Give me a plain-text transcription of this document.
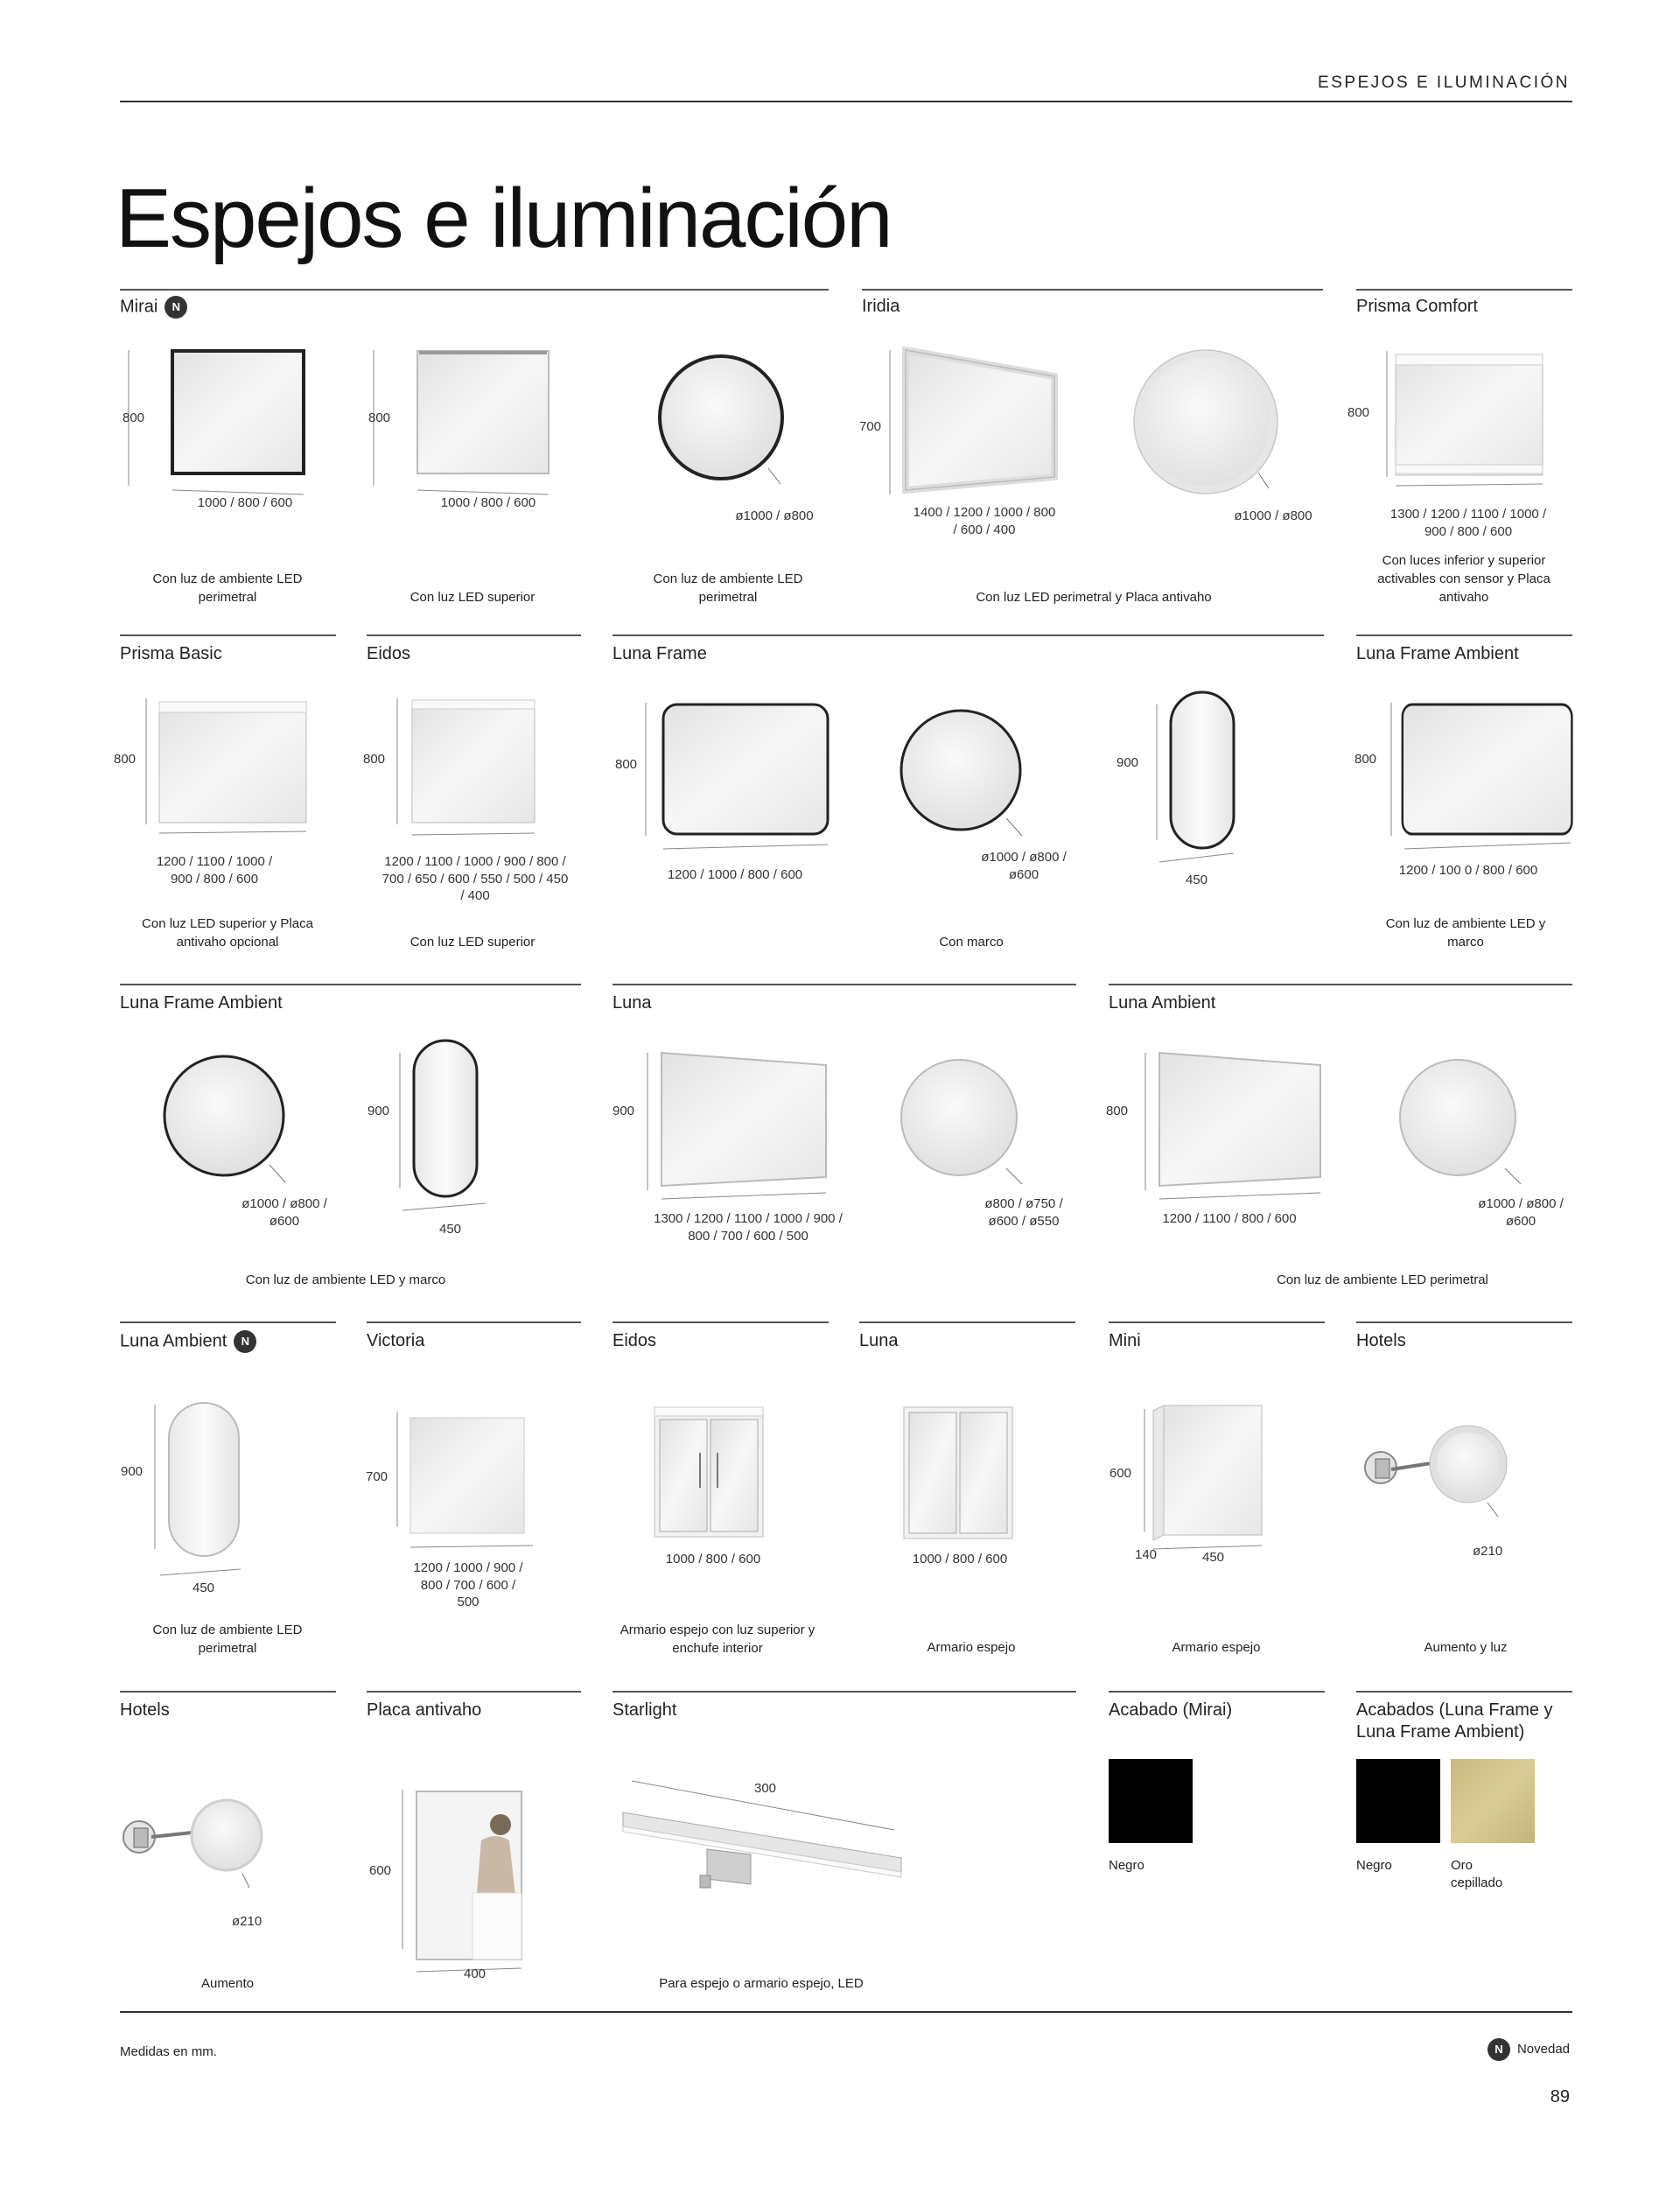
ESPEJOS E ILUMINACIÓN
Espejos e iluminación
Mirai N
800
1000 / 800 / 600
800
1000 / 800 / 600
ø1000 / ø800
Con luz de ambiente LED perimetral	Con luz LED superior
Con luz de ambiente LED perimetral
Iridia
700
1400 / 1200 / 1000 / 800 / 600 / 400
ø1000 / ø800
Con luz LED perimetral y Placa antivaho
Prisma Comfort
800
1300 / 1200 / 1100 / 1000 / 900 / 800 / 600
Con luces inferior y superior activables con sensor y Placa antivaho
Prisma Basic
800
1200 / 1100 / 1000 / 900 / 800 / 600
Con luz LED superior y Placa antivaho opcional
Eidos
800
1200 / 1100 / 1000 / 900 / 800 / 700 / 650 / 600 / 550 / 500 / 450 / 400
Con luz LED superior
Luna Frame
800
1200 / 1000 / 800 / 600
ø1000 / ø800 / ø600
900
450
Con marco
Luna Frame Ambient
800
1200 / 100 0 / 800 / 600
Con luz de ambiente LED y marco
Luna Frame Ambient
ø1000 / ø800 / ø600
900
450
Con luz de ambiente LED y marco
Luna
900
1300 / 1200 / 1100 / 1000 / 900 / 800 / 700 / 600 / 500
ø800 / ø750 / ø600 / ø550
Luna Ambient
800
1200 / 1100 / 800 / 600
ø1000 / ø800 / ø600
Con luz de ambiente LED perimetral
Luna Ambient N
900
450
Con luz de ambiente LED perimetral
Victoria
700
1200 / 1000 / 900 / 800 / 700 / 600 / 500
Eidos
1000 / 800 / 600
Armario espejo con luz superior y enchufe interior
Luna
1000 / 800 / 600
Armario espejo
Mini
600
140	450
Armario espejo
Hotels
ø210
Aumento y luz
Hotels
ø210
Aumento
Placa antivaho
600
400
Starlight
300
Para espejo o armario espejo, LED
Acabado (Mirai)
Negro
Acabados (Luna Frame y Luna Frame Ambient)
Negro	Oro cepillado
Medidas en mm.	N Novedad
89
